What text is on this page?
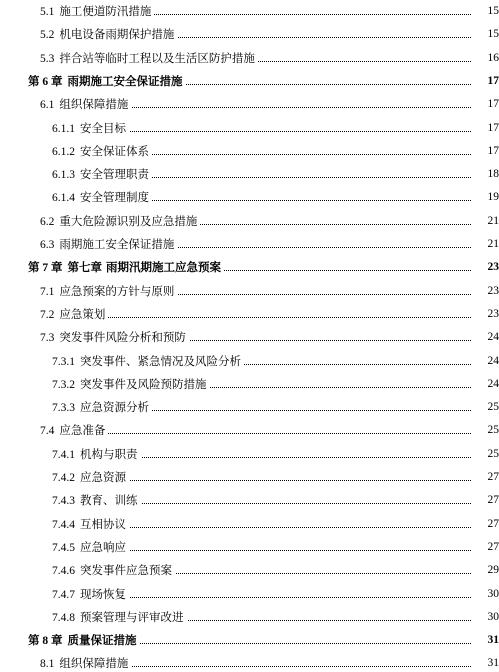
5.1 施工便道防汛措施	15
5.2 机电设备雨期保护措施	15
5.3 拌合站等临时工程以及生活区防护措施	16
第 6 章 雨期施工安全保证措施	17
6.1 组织保障措施	17
6.1.1 安全目标	17
6.1.2 安全保证体系	17
6.1.3 安全管理职责	18
6.1.4 安全管理制度	19
6.2 重大危险源识别及应急措施	21
6.3 雨期施工安全保证措施	21
第 7 章 第七章 雨期汛期施工应急预案	23
7.1 应急预案的方针与原则	23
7.2 应急策划	23
7.3 突发事件风险分析和预防	24
7.3.1 突发事件、紧急情况及风险分析	24
7.3.2 突发事件及风险预防措施	24
7.3.3 应急资源分析	25
7.4 应急准备	25
7.4.1 机构与职责	25
7.4.2 应急资源	27
7.4.3 教育、训练	27
7.4.4 互相协议	27
7.4.5 应急响应	27
7.4.6 突发事件应急预案	29
7.4.7 现场恢复	30
7.4.8 预案管理与评审改进	30
第 8 章 质量保证措施	31
8.1 组织保障措施	31
